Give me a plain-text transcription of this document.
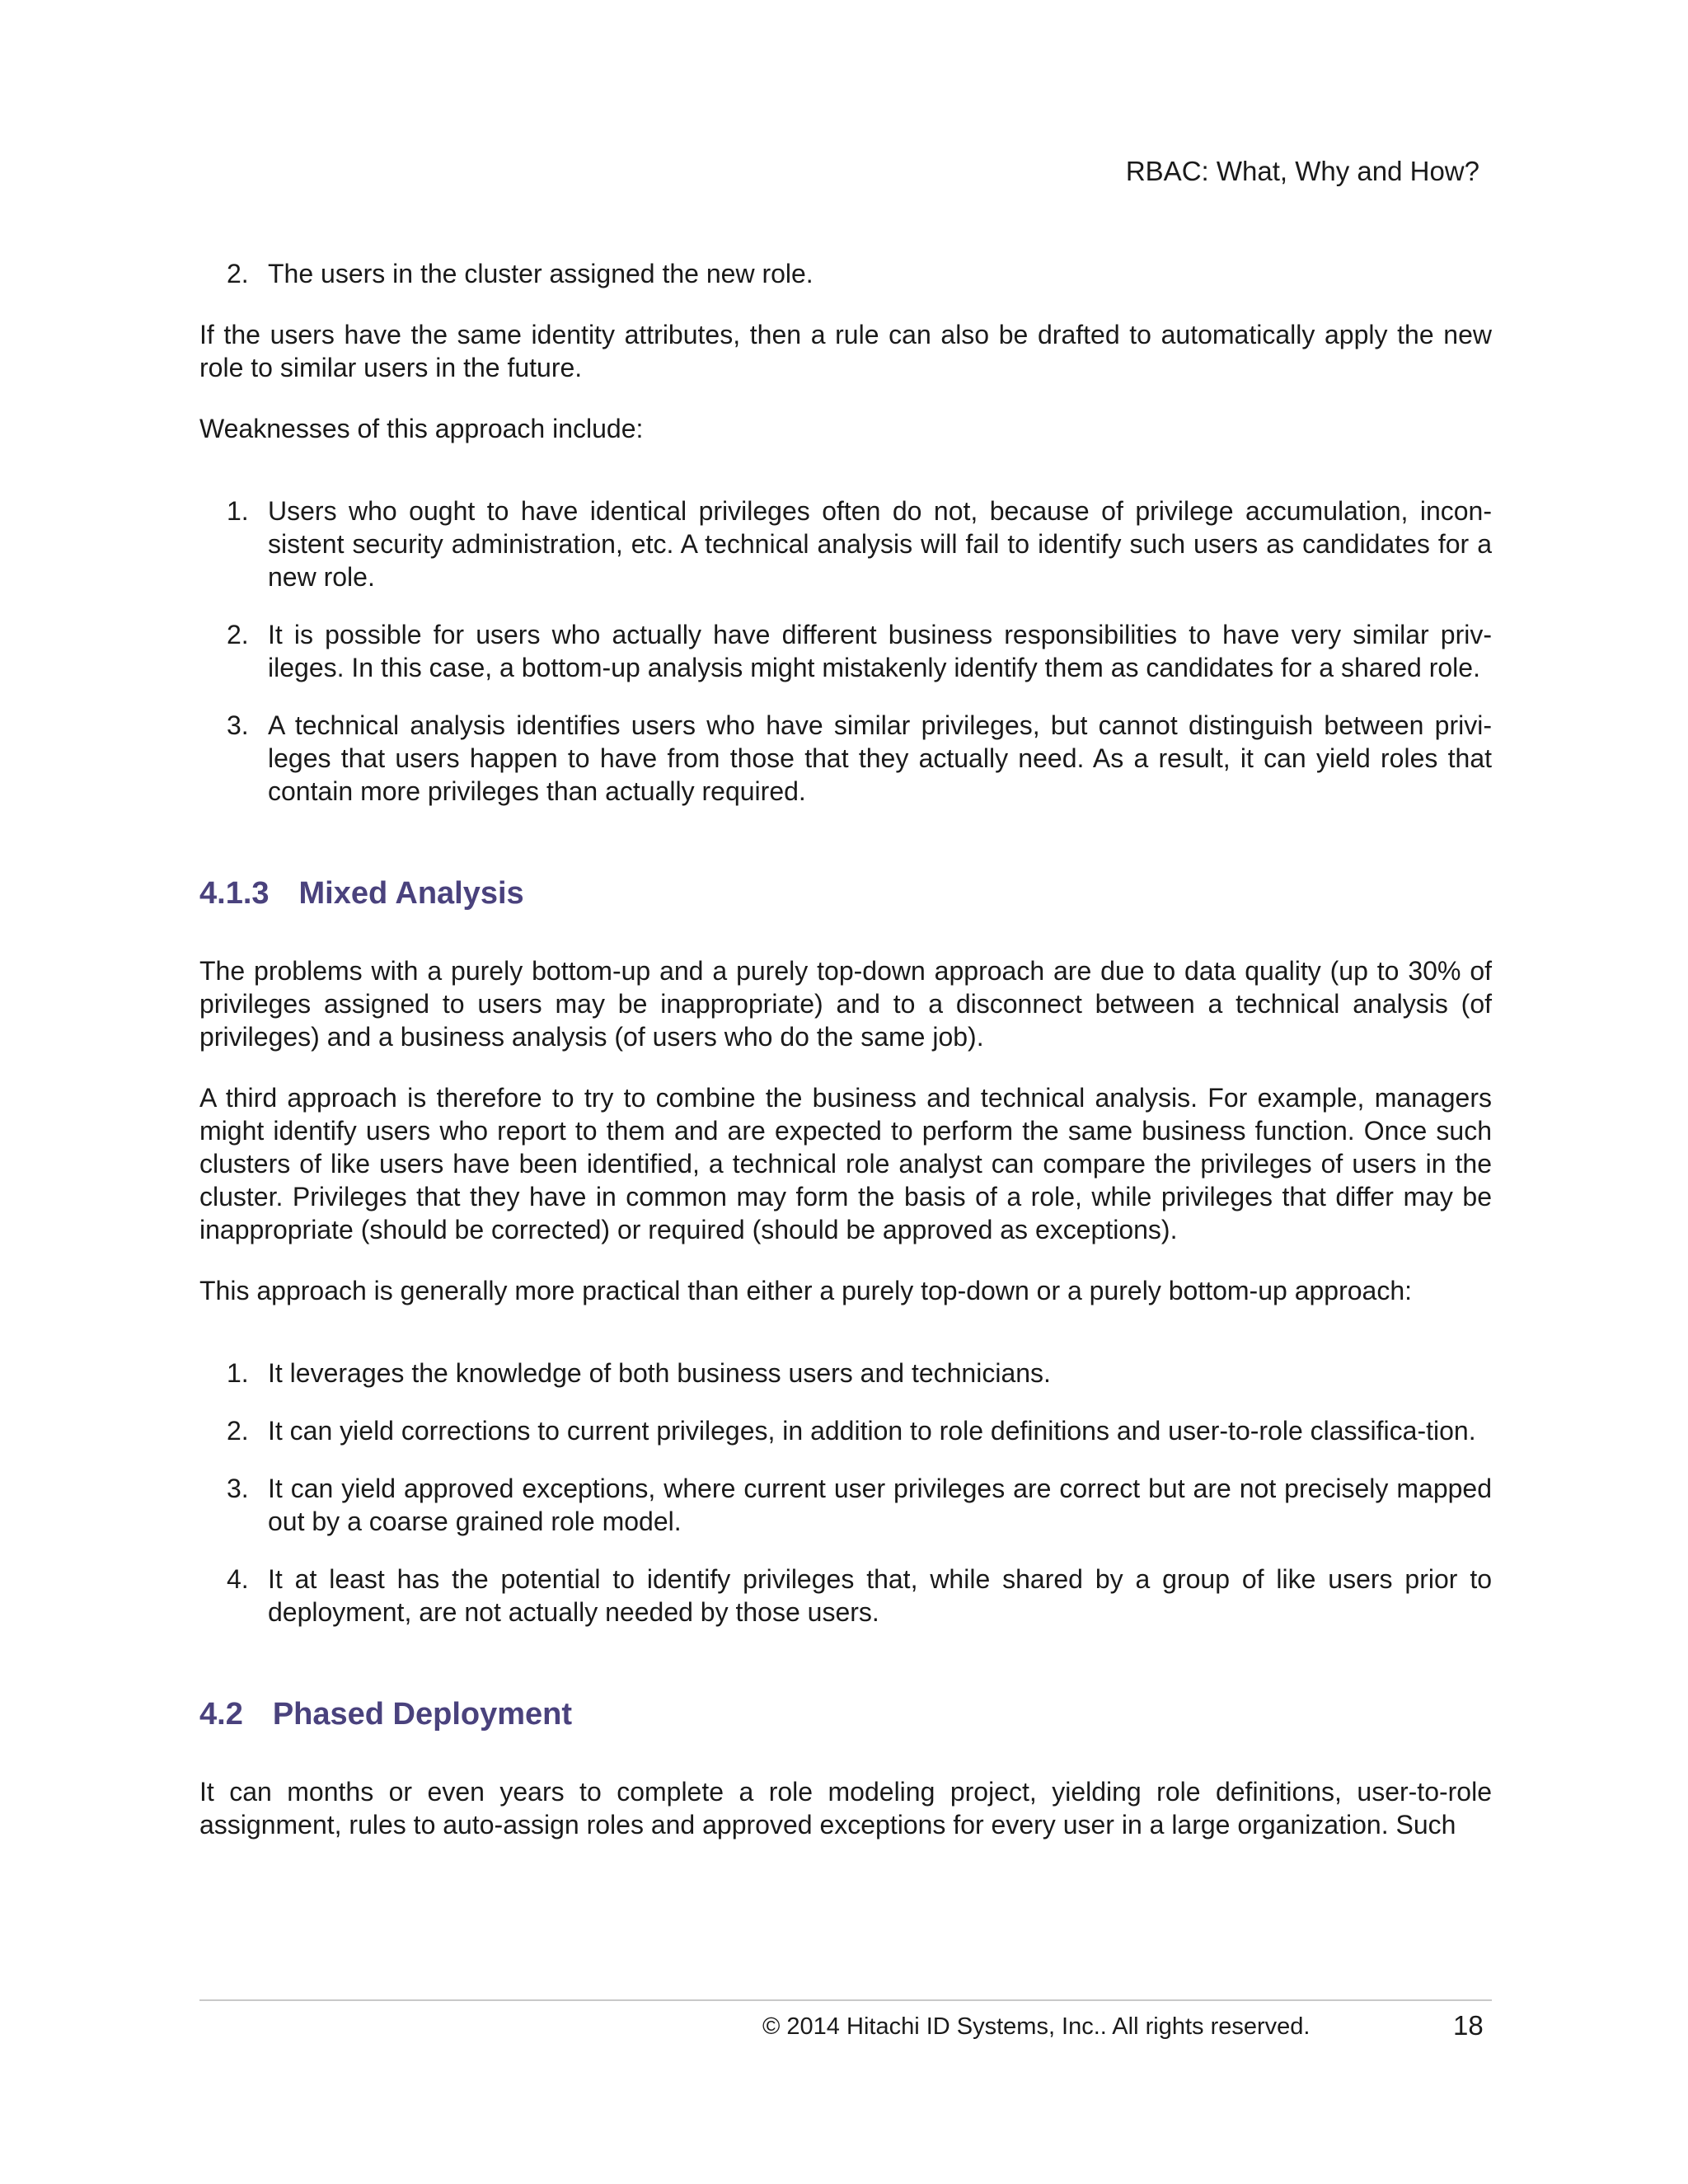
RBAC: What, Why and How?
2. The users in the cluster assigned the new role.

If the users have the same identity attributes, then a rule can also be drafted to automatically apply the new role to similar users in the future.

Weaknesses of this approach include:

1. Users who ought to have identical privileges often do not, because of privilege accumulation, incon-sistent security administration, etc. A technical analysis will fail to identify such users as candidates for a new role.
2. It is possible for users who actually have different business responsibilities to have very similar priv-ileges. In this case, a bottom-up analysis might mistakenly identify them as candidates for a shared role.
3. A technical analysis identifies users who have similar privileges, but cannot distinguish between privi-leges that users happen to have from those that they actually need. As a result, it can yield roles that contain more privileges than actually required.
4.1.3 Mixed Analysis

The problems with a purely bottom-up and a purely top-down approach are due to data quality (up to 30% of privileges assigned to users may be inappropriate) and to a disconnect between a technical analysis (of privileges) and a business analysis (of users who do the same job).

A third approach is therefore to try to combine the business and technical analysis. For example, managers might identify users who report to them and are expected to perform the same business function. Once such clusters of like users have been identified, a technical role analyst can compare the privileges of users in the cluster. Privileges that they have in common may form the basis of a role, while privileges that differ may be inappropriate (should be corrected) or required (should be approved as exceptions).

This approach is generally more practical than either a purely top-down or a purely bottom-up approach:

1. It leverages the knowledge of both business users and technicians.
2. It can yield corrections to current privileges, in addition to role definitions and user-to-role classifica-tion.
3. It can yield approved exceptions, where current user privileges are correct but are not precisely mapped out by a coarse grained role model.
4. It at least has the potential to identify privileges that, while shared by a group of like users prior to deployment, are not actually needed by those users.
4.2 Phased Deployment

It can months or even years to complete a role modeling project, yielding role definitions, user-to-role assignment, rules to auto-assign roles and approved exceptions for every user in a large organization. Such

© 2014 Hitachi ID Systems, Inc.. All rights reserved.	18
